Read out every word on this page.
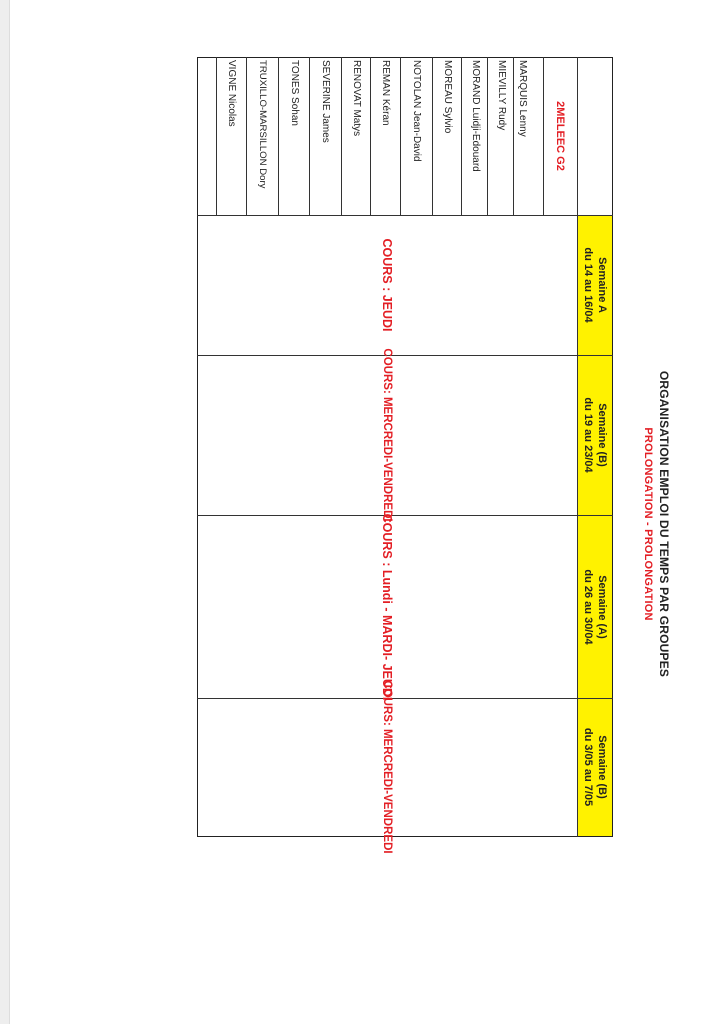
ORGANISATION EMPLOI DU TEMPS PAR GROUPES
PROLONGATION - PROLONGATION
2MELEEC G2
MARQUIS Lenny
MIEVILLY Rudy
MORAND Luidji-Edouard
MOREAU Sylvio
NOTOLAN Jean-David
REMAN Kéran
RENOVAT Matys
SEVERINE James
TONES Sohan
TRUXILLO-MARSILLON Dory
VIGNE Nicolas
Semaine A
du 14 au 16/04
Semaine (B)
du 19 au 23/04
Semaine (A)
du 26 au 30/04
Semaine (B)
du 3/05 au 7/05
COURS : JEUDI
COURS: MERCREDI-VENDREDI
COURS : Lundi - MARDI- JEUDI
COURS: MERCREDI-VENDREDI
